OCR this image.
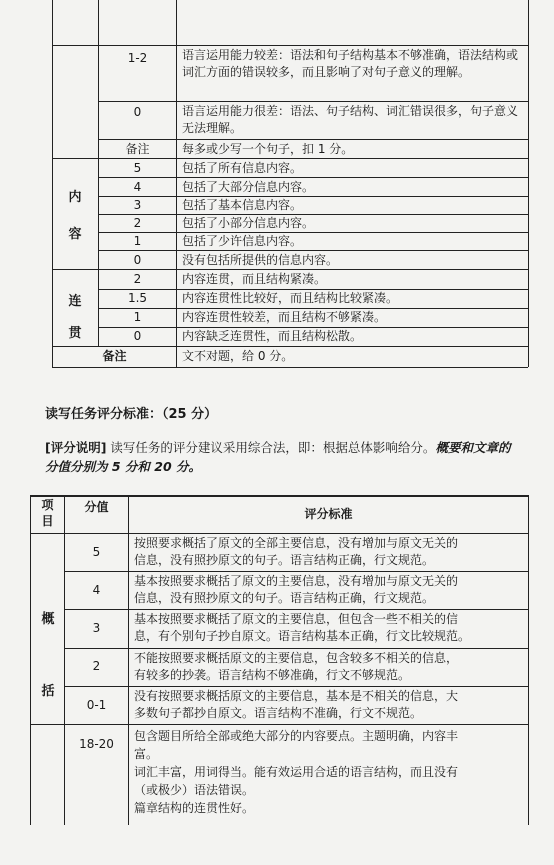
1-2
0
备注
5
4
3
2
1
0
2
1.5
1
0
语言运用能力较差：语法和句子结构基本不够准确，语法结构或词汇方面的错误较多，而且影响了对句子意义的理解。
语言运用能力很差：语法、句子结构、词汇错误很多，句子意义无法理解。
每多或少写一个句子，扣 1 分。
包括了所有信息内容。
包括了大部分信息内容。
包括了基本信息内容。
包括了小部分信息内容。
包括了少许信息内容。
没有包括所提供的信息内容。
内容连贯，而且结构紧凑。
内容连贯性比较好，而且结构比较紧凑。
内容连贯性较差，而且结构不够紧凑。
内容缺乏连贯性，而且结构松散。
内
容
连
贯
备注	文不对题，给 0 分。
读写任务评分标准：（25 分）
[评分说明] 读写任务的评分建议采用综合法，即：根据总体影响给分。概要和文章的分值分别为 5 分和 20 分。
项
目
分值	评分标准
概
括
5
按照要求概括了原文的全部主要信息，没有增加与原文无关的
信息，没有照抄原文的句子。语言结构正确，行文规范。
4
基本按照要求概括了原文的主要信息，没有增加与原文无关的
信息，没有照抄原文的句子。语言结构正确，行文规范。
3
基本按照要求概括了原文的主要信息，但包含一些不相关的信
息，有个别句子抄自原文。语言结构基本正确，行文比较规范。
2
不能按照要求概括原文的主要信息，包含较多不相关的信息，
有较多的抄袭。语言结构不够准确，行文不够规范。
0-1
没有按照要求概括原文的主要信息，基本是不相关的信息，大
多数句子都抄自原文。语言结构不准确，行文不规范。
18-20
包含题目所给全部或绝大部分的内容要点。主题明确，内容丰
富。
词汇丰富，用词得当。能有效运用合适的语言结构，而且没有
（或极少）语法错误。
篇章结构的连贯性好。
